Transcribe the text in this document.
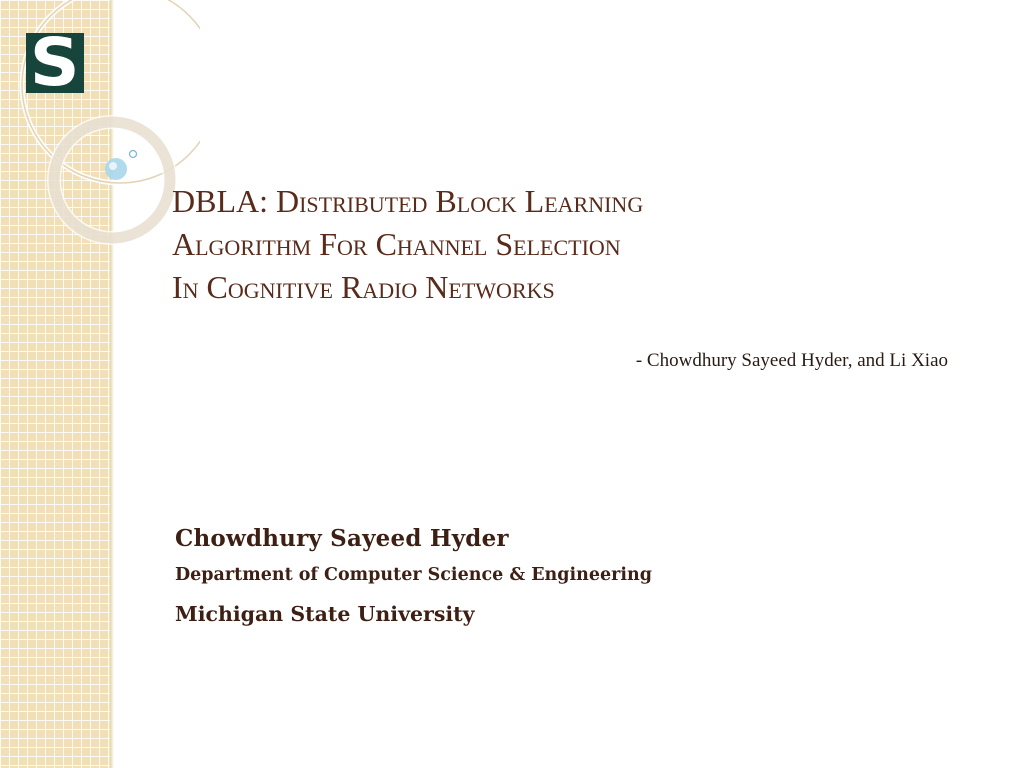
S ™
DBLA: Distributed Block Learning
Algorithm For Channel Selection
In Cognitive Radio Networks
- Chowdhury Sayeed Hyder, and Li Xiao
Chowdhury Sayeed Hyder
Department of Computer Science & Engineering
Michigan State University
